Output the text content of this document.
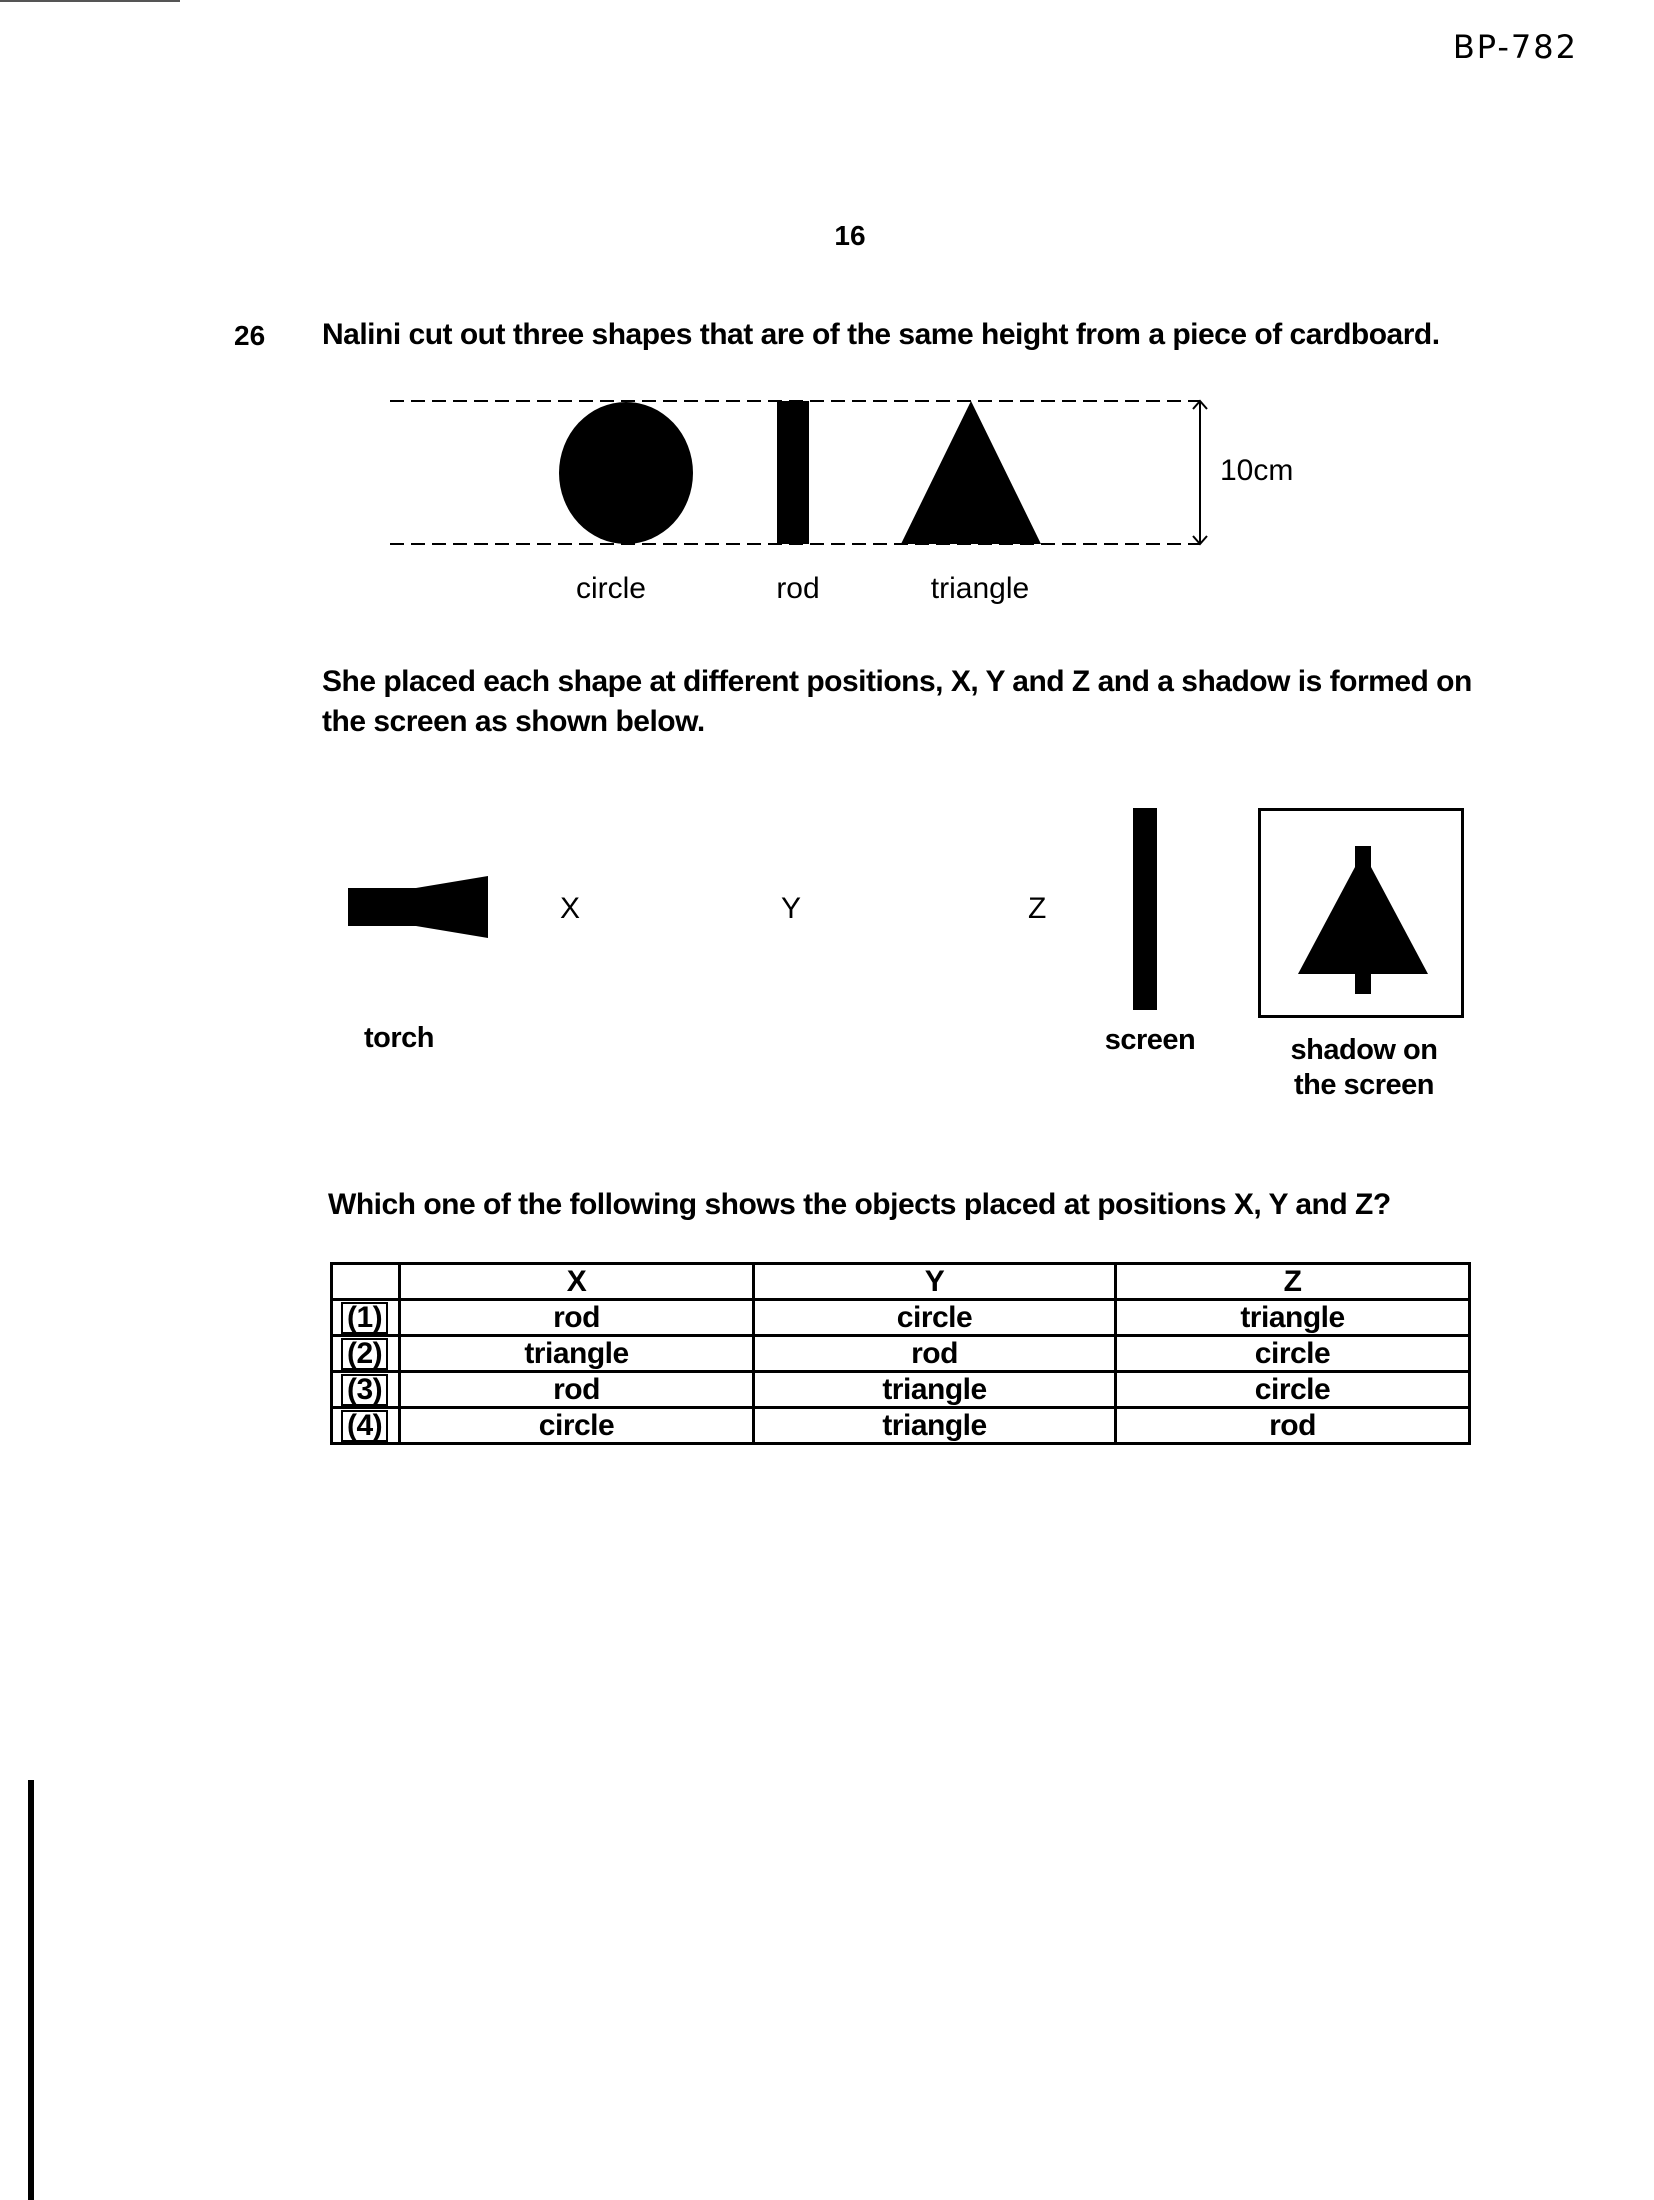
BP-782
16
26 Nalini cut out three shapes that are of the same height from a piece of cardboard.
10cm
circle	rod	triangle
She placed each shape at different positions, X, Y and Z and a shadow is formed on the screen as shown below.
X	Y	Z
torch	screen	shadow on
the screen
Which one of the following shows the objects placed at positions X, Y and Z?
	X	Y	Z
(1)	rod	circle	triangle
(2)	triangle	rod	circle
(3)	rod	triangle	circle
(4)	circle	triangle	rod
